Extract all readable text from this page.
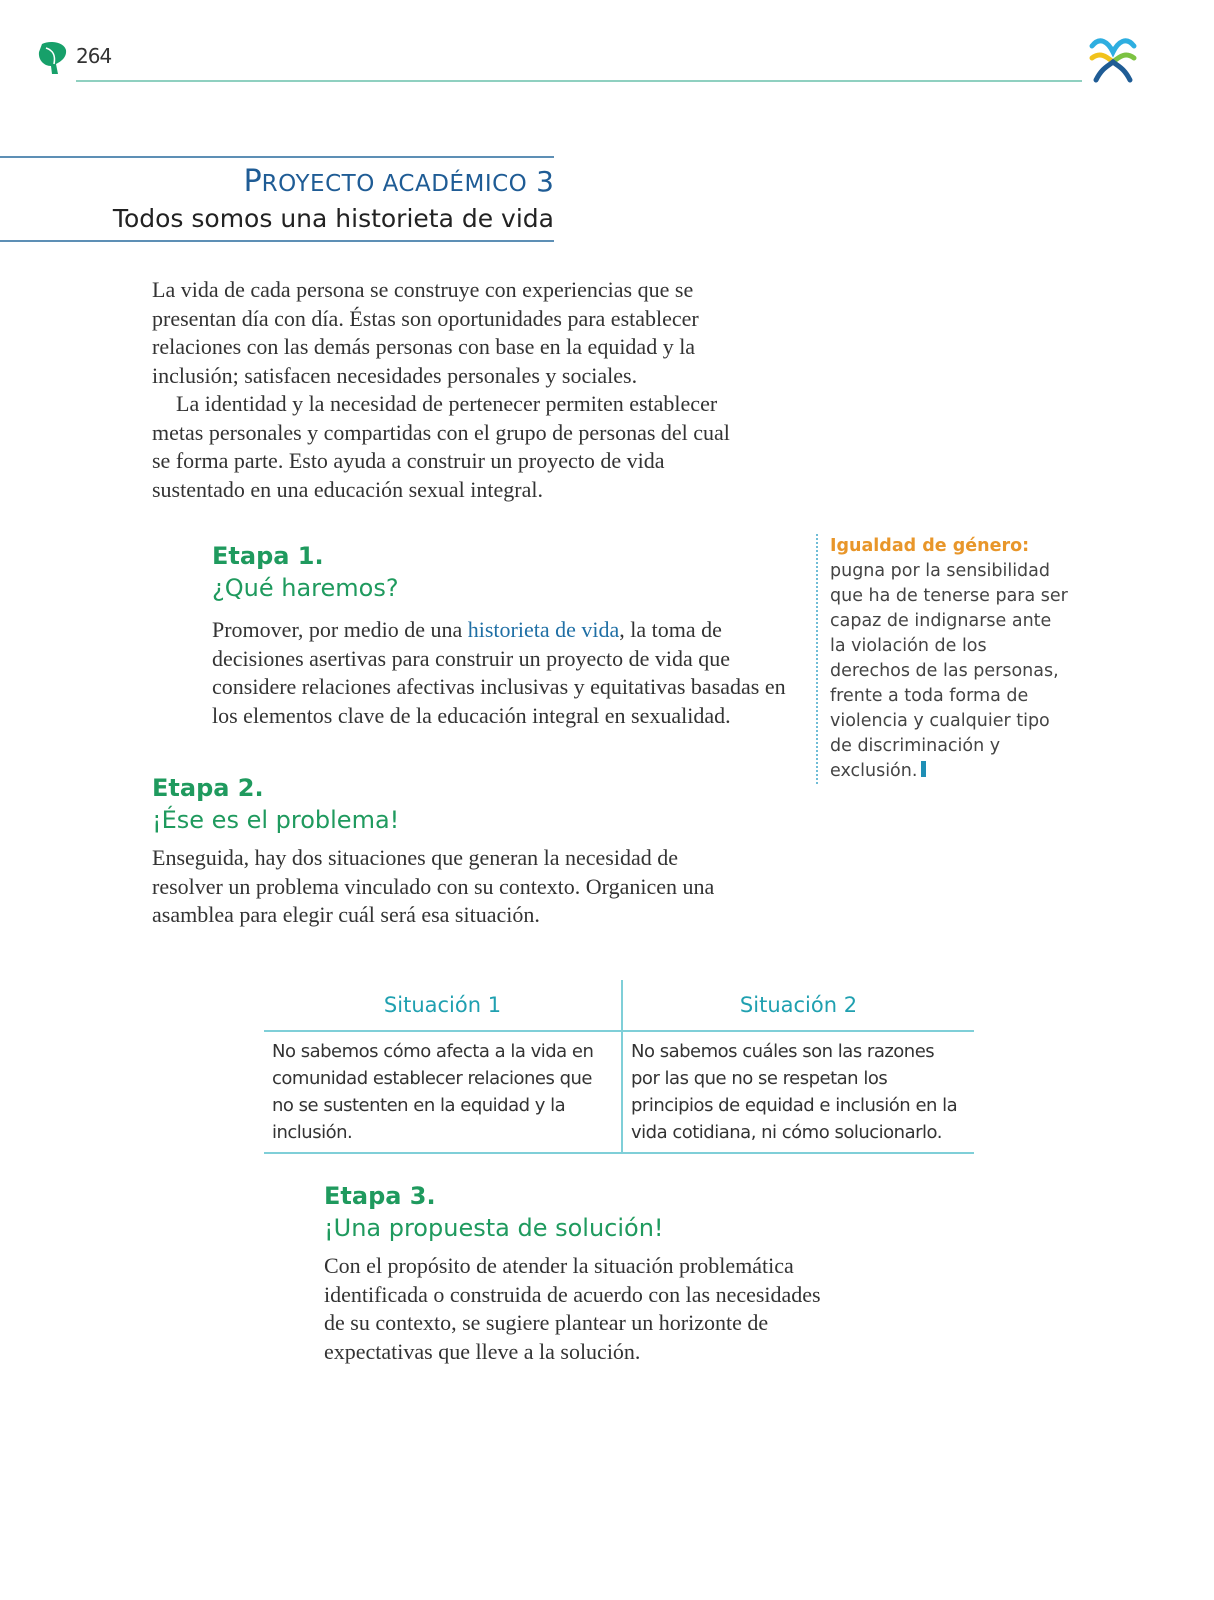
264
PROYECTO ACADÉMICO 3
Todos somos una historieta de vida

La vida de cada persona se construye con experiencias que se presentan día con día. Éstas son oportunidades para establecer relaciones con las demás personas con base en la equidad y la inclusión; satisfacen necesidades personales y sociales.

La identidad y la necesidad de pertenecer permiten establecer metas personales y compartidas con el grupo de personas del cual se forma parte. Esto ayuda a construir un proyecto de vida sustentado en una educación sexual integral.

Etapa 1.
¿Qué haremos?
Promover, por medio de una historieta de vida, la toma de decisiones asertivas para construir un proyecto de vida que considere relaciones afectivas inclusivas y equitativas basadas en los elementos clave de la educación integral en sexualidad.
Igualdad de género:
pugna por la sensibilidad que ha de tenerse para ser capaz de indignarse ante la violación de los derechos de las personas, frente a toda forma de violencia y cualquier tipo de discriminación y exclusión.
Etapa 2.
¡Ése es el problema!
Enseguida, hay dos situaciones que generan la necesidad de resolver un problema vinculado con su contexto. Organicen una asamblea para elegir cuál será esa situación.
Situación 1	Situación 2
No sabemos cómo afecta a la vida en comunidad establecer relaciones que no se sustenten en la equidad y la inclusión.	No sabemos cuáles son las razones por las que no se respetan los principios de equidad e inclusión en la vida cotidiana, ni cómo solucionarlo.
Etapa 3.
¡Una propuesta de solución!
Con el propósito de atender la situación problemática identificada o construida de acuerdo con las necesidades de su contexto, se sugiere plantear un horizonte de expectativas que lleve a la solución.
